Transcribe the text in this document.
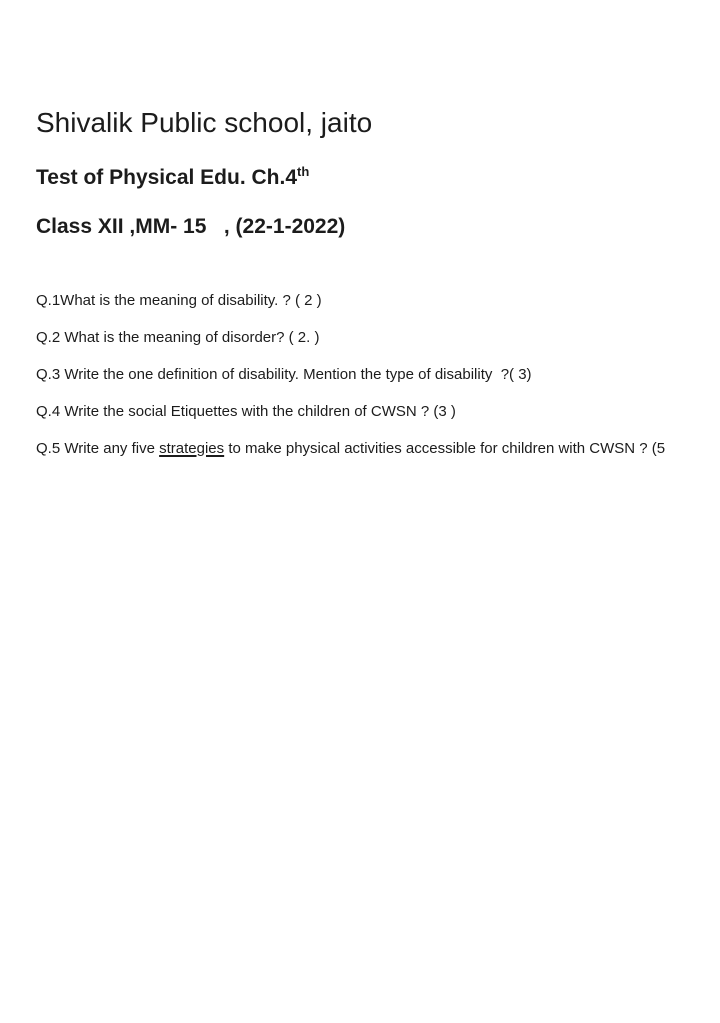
Shivalik Public school, jaito
Test of Physical Edu. Ch.4th
Class XII ,MM- 15   , (22-1-2022)

Q.1What is the meaning of disability. ? ( 2 )

Q.2 What is the meaning of disorder? ( 2. )

Q.3 Write the one definition of disability. Mention the type of disability  ?( 3)

Q.4 Write the social Etiquettes with the children of CWSN ? (3 )

Q.5 Write any five strategies to make physical activities accessible for children with CWSN ? (5
